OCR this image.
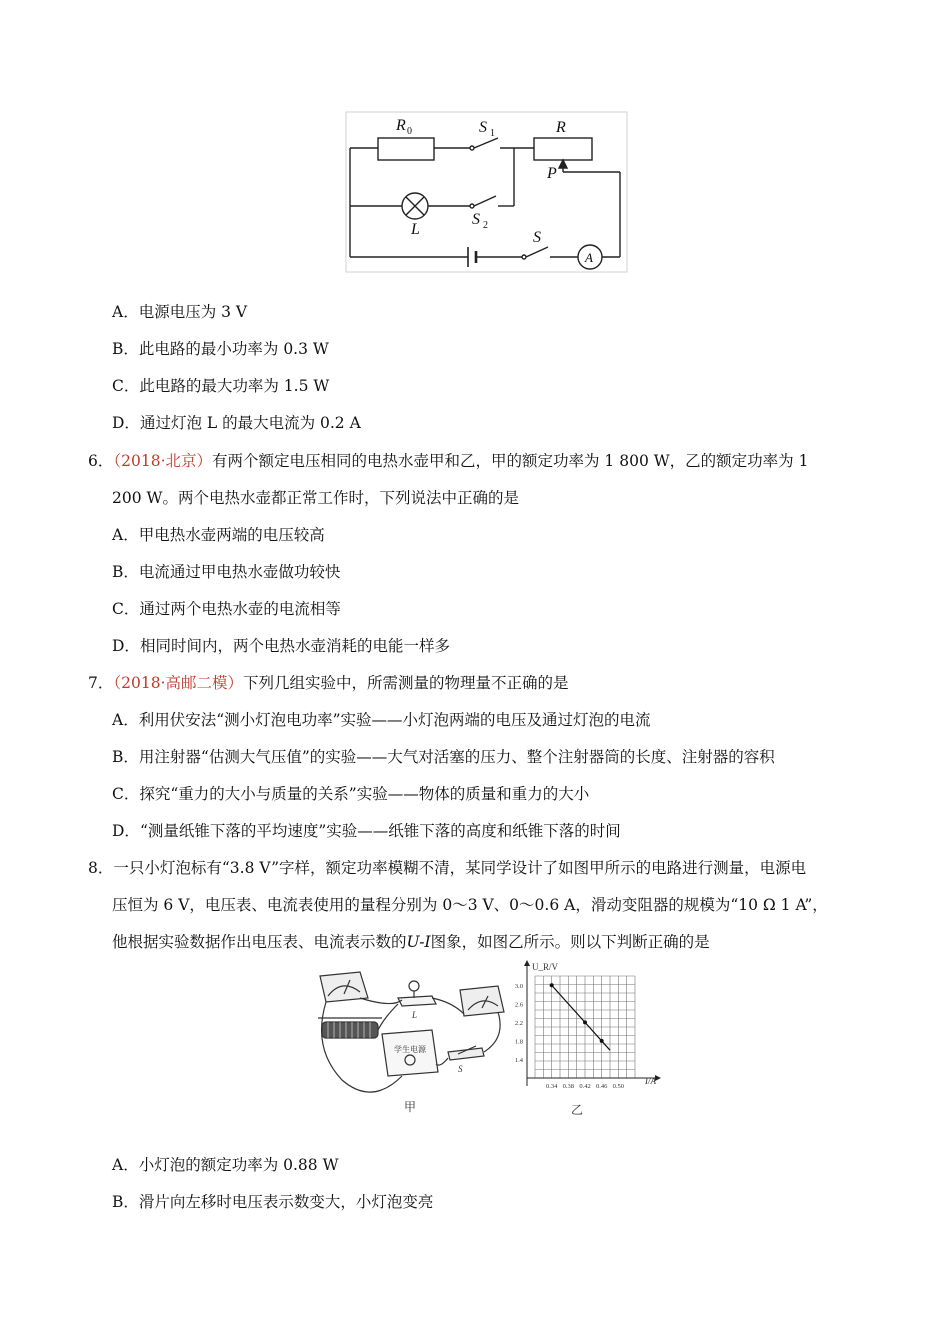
R 0	S 1	R
P
L
S 2
S
A
A．电源电压为 3 V
B．此电路的最小功率为 0.3 W
C．此电路的最大功率为 1.5 W
D．通过灯泡 L 的最大电流为 0.2 A
6．（2018·北京）有两个额定电压相同的电热水壶甲和乙，甲的额定功率为 1 800 W，乙的额定功率为 1
200 W。两个电热水壶都正常工作时，下列说法中正确的是
A．甲电热水壶两端的电压较高
B．电流通过甲电热水壶做功较快
C．通过两个电热水壶的电流相等
D．相同时间内，两个电热水壶消耗的电能一样多
7．（2018·高邮二模）下列几组实验中，所需测量的物理量不正确的是
A．利用伏安法“测小灯泡电功率”实验——小灯泡两端的电压及通过灯泡的电流
B．用注射器“估测大气压值”的实验——大气对活塞的压力、整个注射器筒的长度、注射器的容积
C．探究“重力的大小与质量的关系”实验——物体的质量和重力的大小
D．“测量纸锥下落的平均速度”实验——纸锥下落的高度和纸锥下落的时间
8．一只小灯泡标有“3.8 V”字样，额定功率模糊不清，某同学设计了如图甲所示的电路进行测量，电源电
压恒为 6 V，电压表、电流表使用的量程分别为 0～3 V、0～0.6 A，滑动变阻器的规模为“10 Ω 1 A”，
他根据实验数据作出电压表、电流表示数的U-I图象，如图乙所示。则以下判断正确的是
学生电源
L
S
甲
0.34 0.38 0.42 0.46 0.50
1.4
1.8
2.2
2.6
3.0
U_R/V
I/A
乙
A．小灯泡的额定功率为 0.88 W
B．滑片向左移时电压表示数变大，小灯泡变亮
